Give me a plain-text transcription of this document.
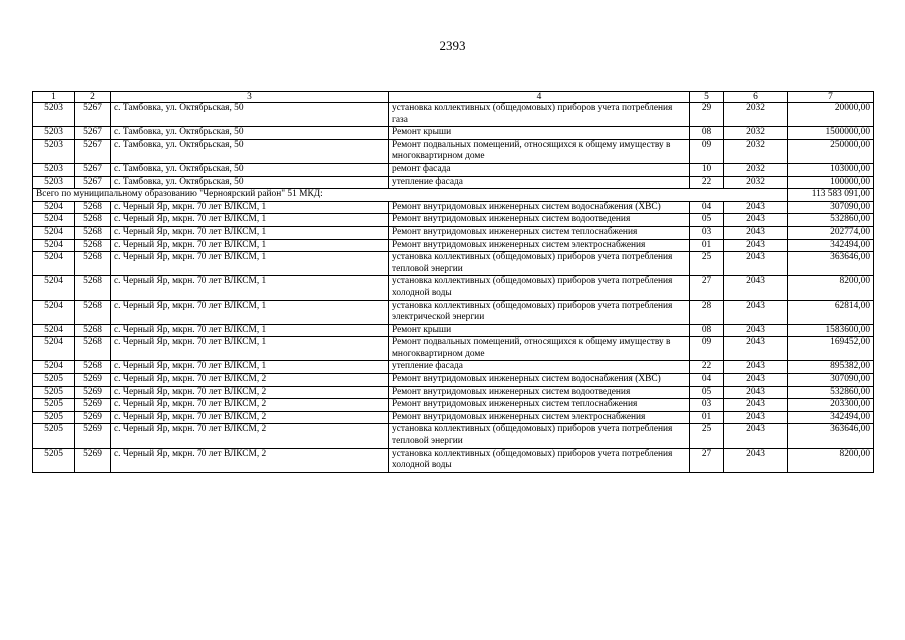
2393
1	2	3	4	5	6	7
5203	5267	с. Тамбовка, ул. Октябрьская, 50	установка коллективных (общедомовых) приборов учета потребления газа	29	2032	20000,00
5203	5267	с. Тамбовка, ул. Октябрьская, 50	Ремонт крыши	08	2032	1500000,00
5203	5267	с. Тамбовка, ул. Октябрьская, 50	Ремонт подвальных помещений, относящихся к общему имуществу в многоквартирном доме	09	2032	250000,00
5203	5267	с. Тамбовка, ул. Октябрьская, 50	ремонт фасада	10	2032	103000,00
5203	5267	с. Тамбовка, ул. Октябрьская, 50	утепление фасада	22	2032	100000,00
Всего по муниципальному образованию "Черноярский район" 51 МКД:						113 583 091,00
5204	5268	с. Черный Яр, мкрн. 70 лет ВЛКСМ, 1	Ремонт внутридомовых инженерных систем водоснабжения (ХВС)	04	2043	307090,00
5204	5268	с. Черный Яр, мкрн. 70 лет ВЛКСМ, 1	Ремонт внутридомовых инженерных систем водоотведения	05	2043	532860,00
5204	5268	с. Черный Яр, мкрн. 70 лет ВЛКСМ, 1	Ремонт внутридомовых инженерных систем теплоснабжения	03	2043	202774,00
5204	5268	с. Черный Яр, мкрн. 70 лет ВЛКСМ, 1	Ремонт внутридомовых инженерных систем электроснабжения	01	2043	342494,00
5204	5268	с. Черный Яр, мкрн. 70 лет ВЛКСМ, 1	установка коллективных (общедомовых) приборов учета потребления тепловой энергии	25	2043	363646,00
5204	5268	с. Черный Яр, мкрн. 70 лет ВЛКСМ, 1	установка коллективных (общедомовых) приборов учета потребления холодной воды	27	2043	8200,00
5204	5268	с. Черный Яр, мкрн. 70 лет ВЛКСМ, 1	установка коллективных (общедомовых) приборов учета потребления электрической энергии	28	2043	62814,00
5204	5268	с. Черный Яр, мкрн. 70 лет ВЛКСМ, 1	Ремонт крыши	08	2043	1583600,00
5204	5268	с. Черный Яр, мкрн. 70 лет ВЛКСМ, 1	Ремонт подвальных помещений, относящихся к общему имуществу в многоквартирном доме	09	2043	169452,00
5204	5268	с. Черный Яр, мкрн. 70 лет ВЛКСМ, 1	утепление фасада	22	2043	895382,00
5205	5269	с. Черный Яр, мкрн. 70 лет ВЛКСМ, 2	Ремонт внутридомовых инженерных систем водоснабжения (ХВС)	04	2043	307090,00
5205	5269	с. Черный Яр, мкрн. 70 лет ВЛКСМ, 2	Ремонт внутридомовых инженерных систем водоотведения	05	2043	532860,00
5205	5269	с. Черный Яр, мкрн. 70 лет ВЛКСМ, 2	Ремонт внутридомовых инженерных систем теплоснабжения	03	2043	203300,00
5205	5269	с. Черный Яр, мкрн. 70 лет ВЛКСМ, 2	Ремонт внутридомовых инженерных систем электроснабжения	01	2043	342494,00
5205	5269	с. Черный Яр, мкрн. 70 лет ВЛКСМ, 2	установка коллективных (общедомовых) приборов учета потребления тепловой энергии	25	2043	363646,00
5205	5269	с. Черный Яр, мкрн. 70 лет ВЛКСМ, 2	установка коллективных (общедомовых) приборов учета потребления холодной воды	27	2043	8200,00
